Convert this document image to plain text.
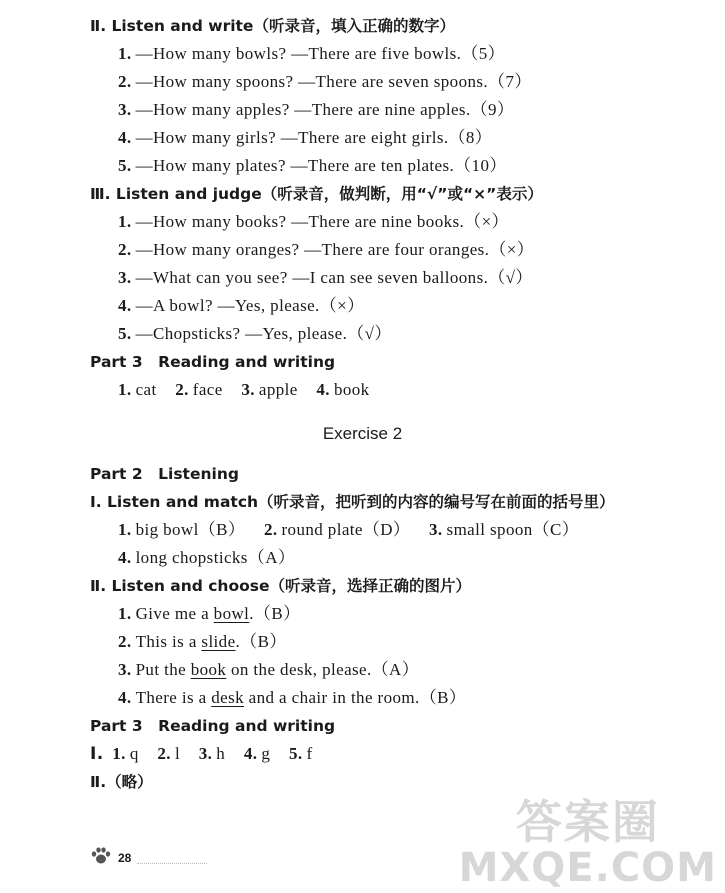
Ⅱ. Listen and write（听录音，填入正确的数字）
1. —How many bowls? —There are five bowls.（5）
2. —How many spoons? —There are seven spoons.（7）
3. —How many apples? —There are nine apples.（9）
4. —How many girls? —There are eight girls.（8）
5. —How many plates? —There are ten plates.（10）
Ⅲ. Listen and judge（听录音，做判断，用“√”或“×”表示）
1. —How many books? —There are nine books.（×）
2. —How many oranges? —There are four oranges.（×）
3. —What can you see? —I can see seven balloons.（√）
4. —A bowl? —Yes, please.（×）
5. —Chopsticks? —Yes, please.（√）
Part 3　Reading and writing
1. cat 2. face 3. apple 4. book
Exercise 2
Part 2　Listening
Ⅰ. Listen and match（听录音，把听到的内容的编号写在前面的括号里）
1. big bowl（B） 2. round plate（D） 3. small spoon（C）
4. long chopsticks（A）
Ⅱ. Listen and choose（听录音，选择正确的图片）
1. Give me a bowl.（B）
2. This is a slide.（B）
3. Put the book on the desk, please.（A）
4. There is a desk and a chair in the room.（B）
Part 3　Reading and writing
Ⅰ. 1. q 2. l 3. h 4. g 5. f
Ⅱ.（略）
28
答案圈
MXQE.COM
